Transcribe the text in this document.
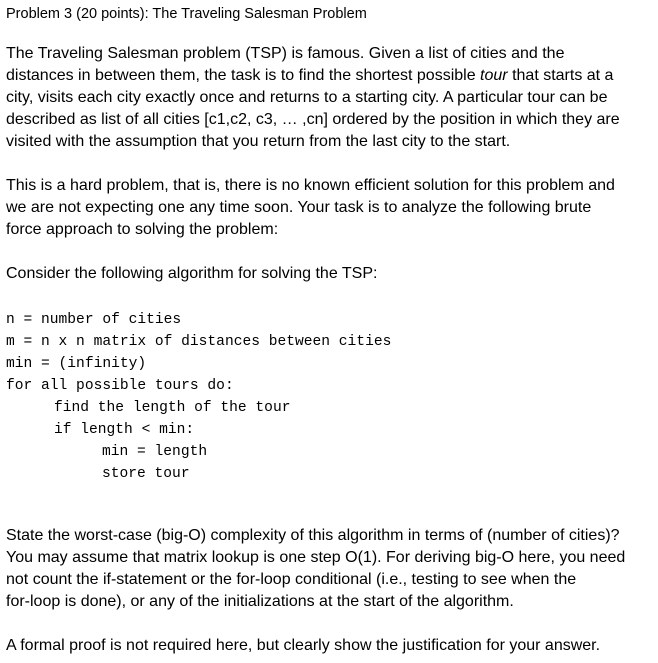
Problem 3 (20 points): The Traveling Salesman Problem
The Traveling Salesman problem (TSP) is famous. Given a list of cities and the
distances in between them, the task is to find the shortest possible tour that starts at a
city, visits each city exactly once and returns to a starting city. A particular tour can be
described as list of all cities [c1,c2, c3, … ,cn] ordered by the position in which they are
visited with the assumption that you return from the last city to the start.
This is a hard problem, that is, there is no known efficient solution for this problem and
we are not expecting one any time soon. Your task is to analyze the following brute
force approach to solving the problem:
Consider the following algorithm for solving the TSP:
n = number of cities
m = n x n matrix of distances between cities
min = (infinity)
for all possible tours do:
find the length of the tour
if length < min:
min = length
store tour
State the worst-case (big-O) complexity of this algorithm in terms of (number of cities)?
You may assume that matrix lookup is one step O(1). For deriving big-O here, you need
not count the if-statement or the for-loop conditional (i.e., testing to see when the
for-loop is done), or any of the initializations at the start of the algorithm.
A formal proof is not required here, but clearly show the justification for your answer.
